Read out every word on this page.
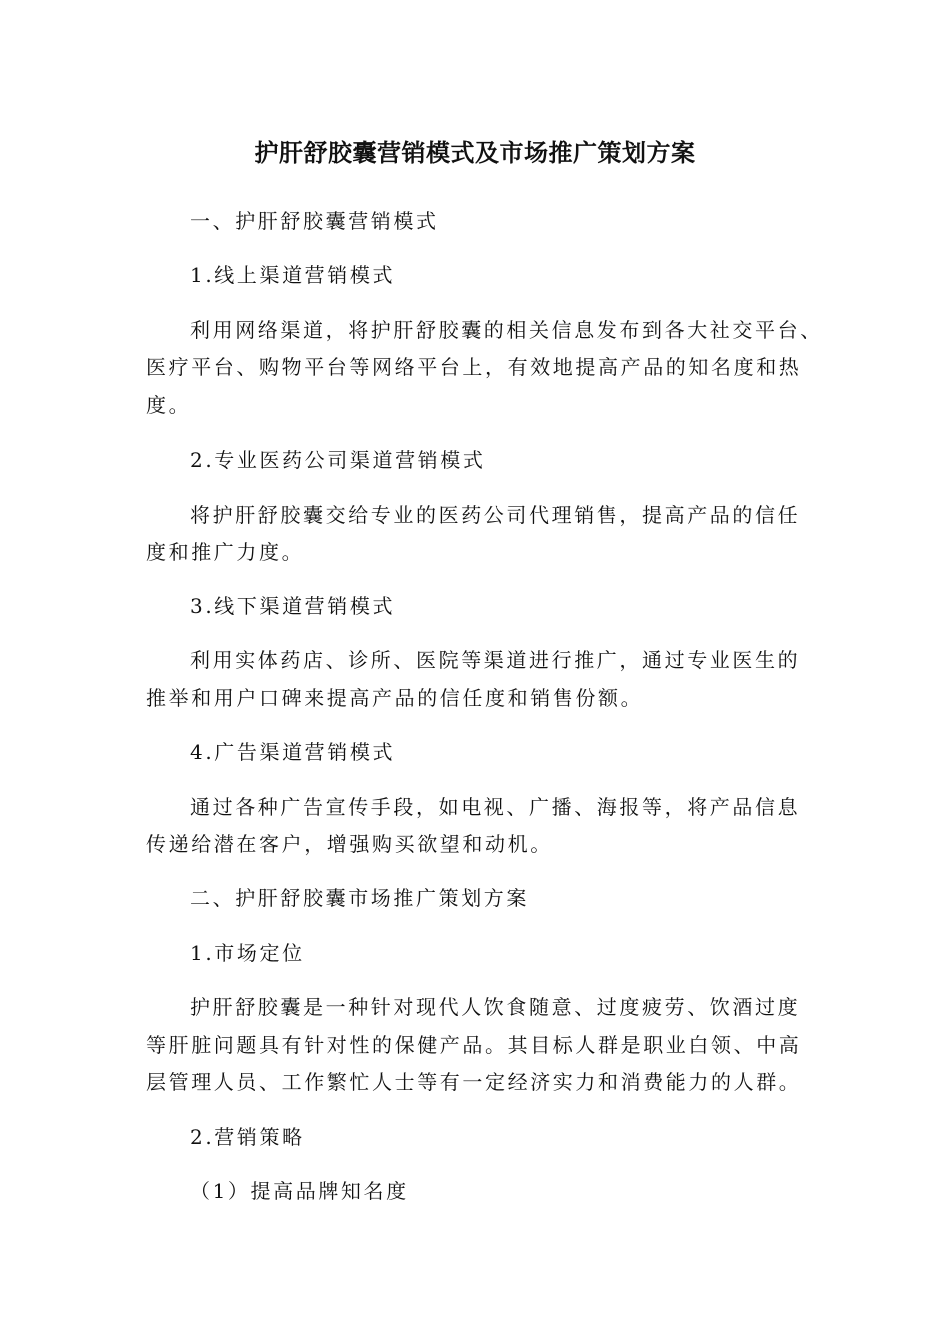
护肝舒胶囊营销模式及市场推广策划方案
一、护肝舒胶囊营销模式
1.线上渠道营销模式
利用网络渠道，将护肝舒胶囊的相关信息发布到各大社交平台、
医疗平台、购物平台等网络平台上，有效地提高产品的知名度和热
度。
2.专业医药公司渠道营销模式
将护肝舒胶囊交给专业的医药公司代理销售，提高产品的信任
度和推广力度。
3.线下渠道营销模式
利用实体药店、诊所、医院等渠道进行推广，通过专业医生的
推举和用户口碑来提高产品的信任度和销售份额。
4.广告渠道营销模式
通过各种广告宣传手段，如电视、广播、海报等，将产品信息
传递给潜在客户，增强购买欲望和动机。
二、护肝舒胶囊市场推广策划方案
1.市场定位
护肝舒胶囊是一种针对现代人饮食随意、过度疲劳、饮酒过度
等肝脏问题具有针对性的保健产品。其目标人群是职业白领、中高
层管理人员、工作繁忙人士等有一定经济实力和消费能力的人群。
2.营销策略
（1）提高品牌知名度
